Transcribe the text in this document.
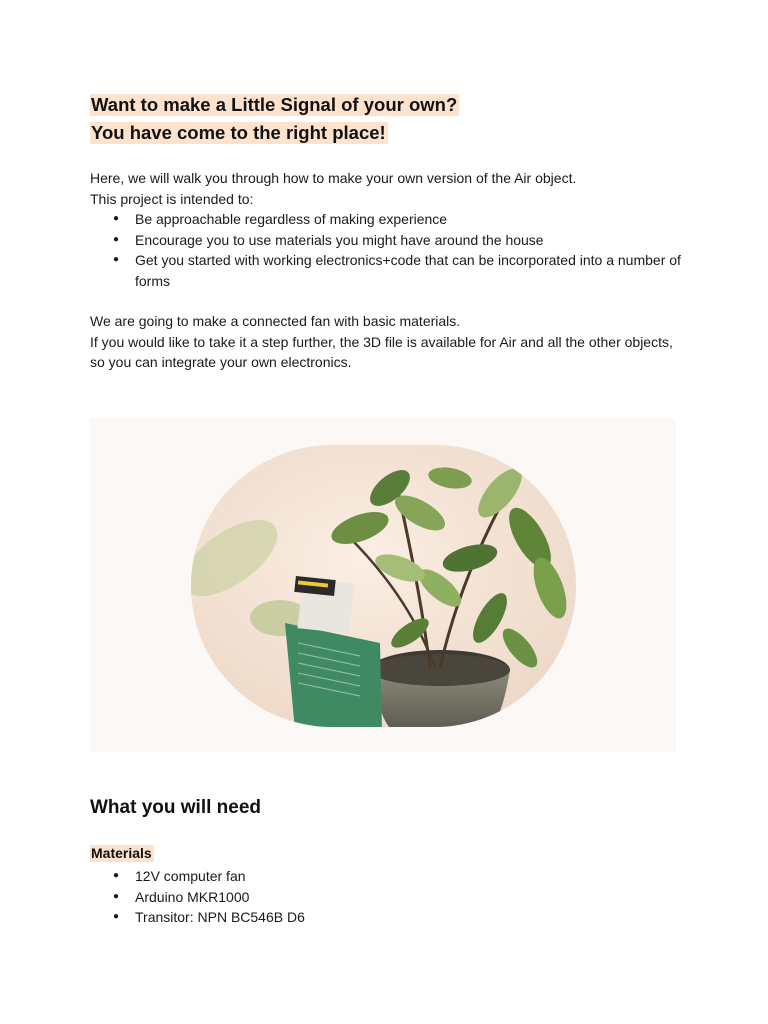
Want to make a Little Signal of your own?
You have come to the right place!
Here, we will walk you through how to make your own version of the Air object.
This project is intended to:
● Be approachable regardless of making experience
● Encourage you to use materials you might have around the house
● Get you started with working electronics+code that can be incorporated into a number of forms
We are going to make a connected fan with basic materials.
If you would like to take it a step further, the 3D file is available for Air and all the other objects, so you can integrate your own electronics.
What you will need
Materials
● 12V computer fan
● Arduino MKR1000
● Transitor: NPN BC546B D6
